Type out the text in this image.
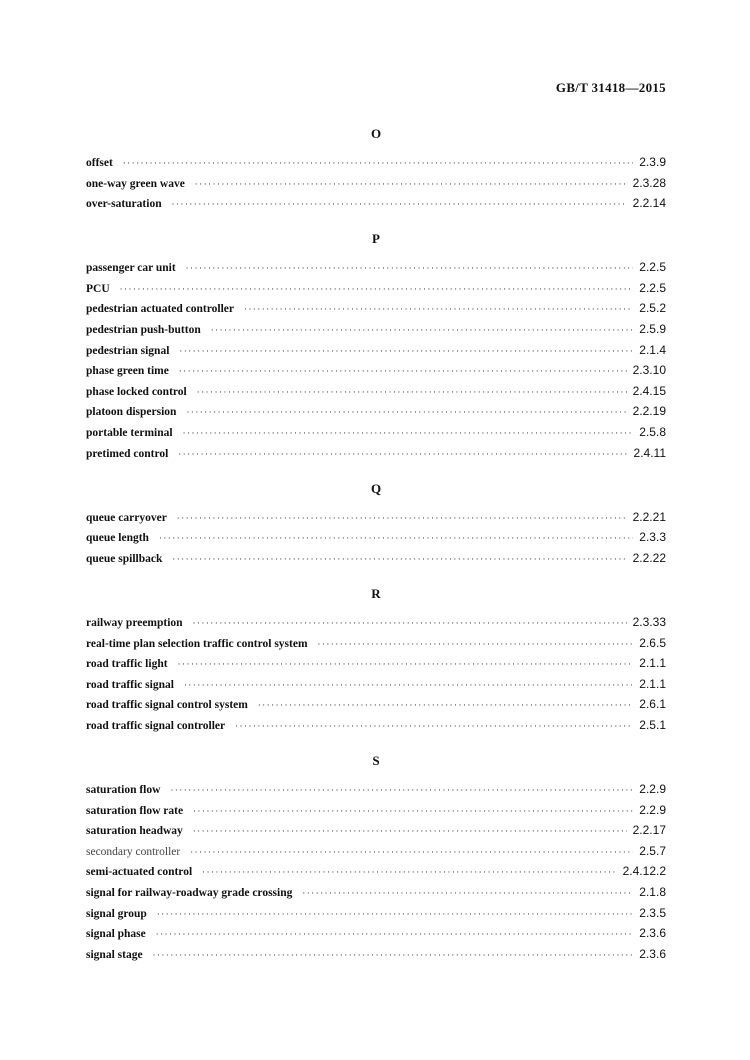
GB/T 31418—2015
O
offset ·····	2.3.9
one-way green wave ·····	2.3.28
over-saturation ·····	2.2.14
P
passenger car unit ·····	2.2.5
PCU ·····	2.2.5
pedestrian actuated controller ·····	2.5.2
pedestrian push-button ·····	2.5.9
pedestrian signal ·····	2.1.4
phase green time ·····	2.3.10
phase locked control ·····	2.4.15
platoon dispersion ·····	2.2.19
portable terminal ·····	2.5.8
pretimed control ·····	2.4.11
Q
queue carryover ·····	2.2.21
queue length ·····	2.3.3
queue spillback ·····	2.2.22
R
railway preemption ·····	2.3.33
real-time plan selection traffic control system ·····	2.6.5
road traffic light ·····	2.1.1
road traffic signal ·····	2.1.1
road traffic signal control system ·····	2.6.1
road traffic signal controller ·····	2.5.1
S
saturation flow ·····	2.2.9
saturation flow rate ·····	2.2.9
saturation headway ·····	2.2.17
secondary controller ·····	2.5.7
semi-actuated control ·····	2.4.12.2
signal for railway-roadway grade crossing ·····	2.1.8
signal group ·····	2.3.5
signal phase ·····	2.3.6
signal stage ·····	2.3.6
